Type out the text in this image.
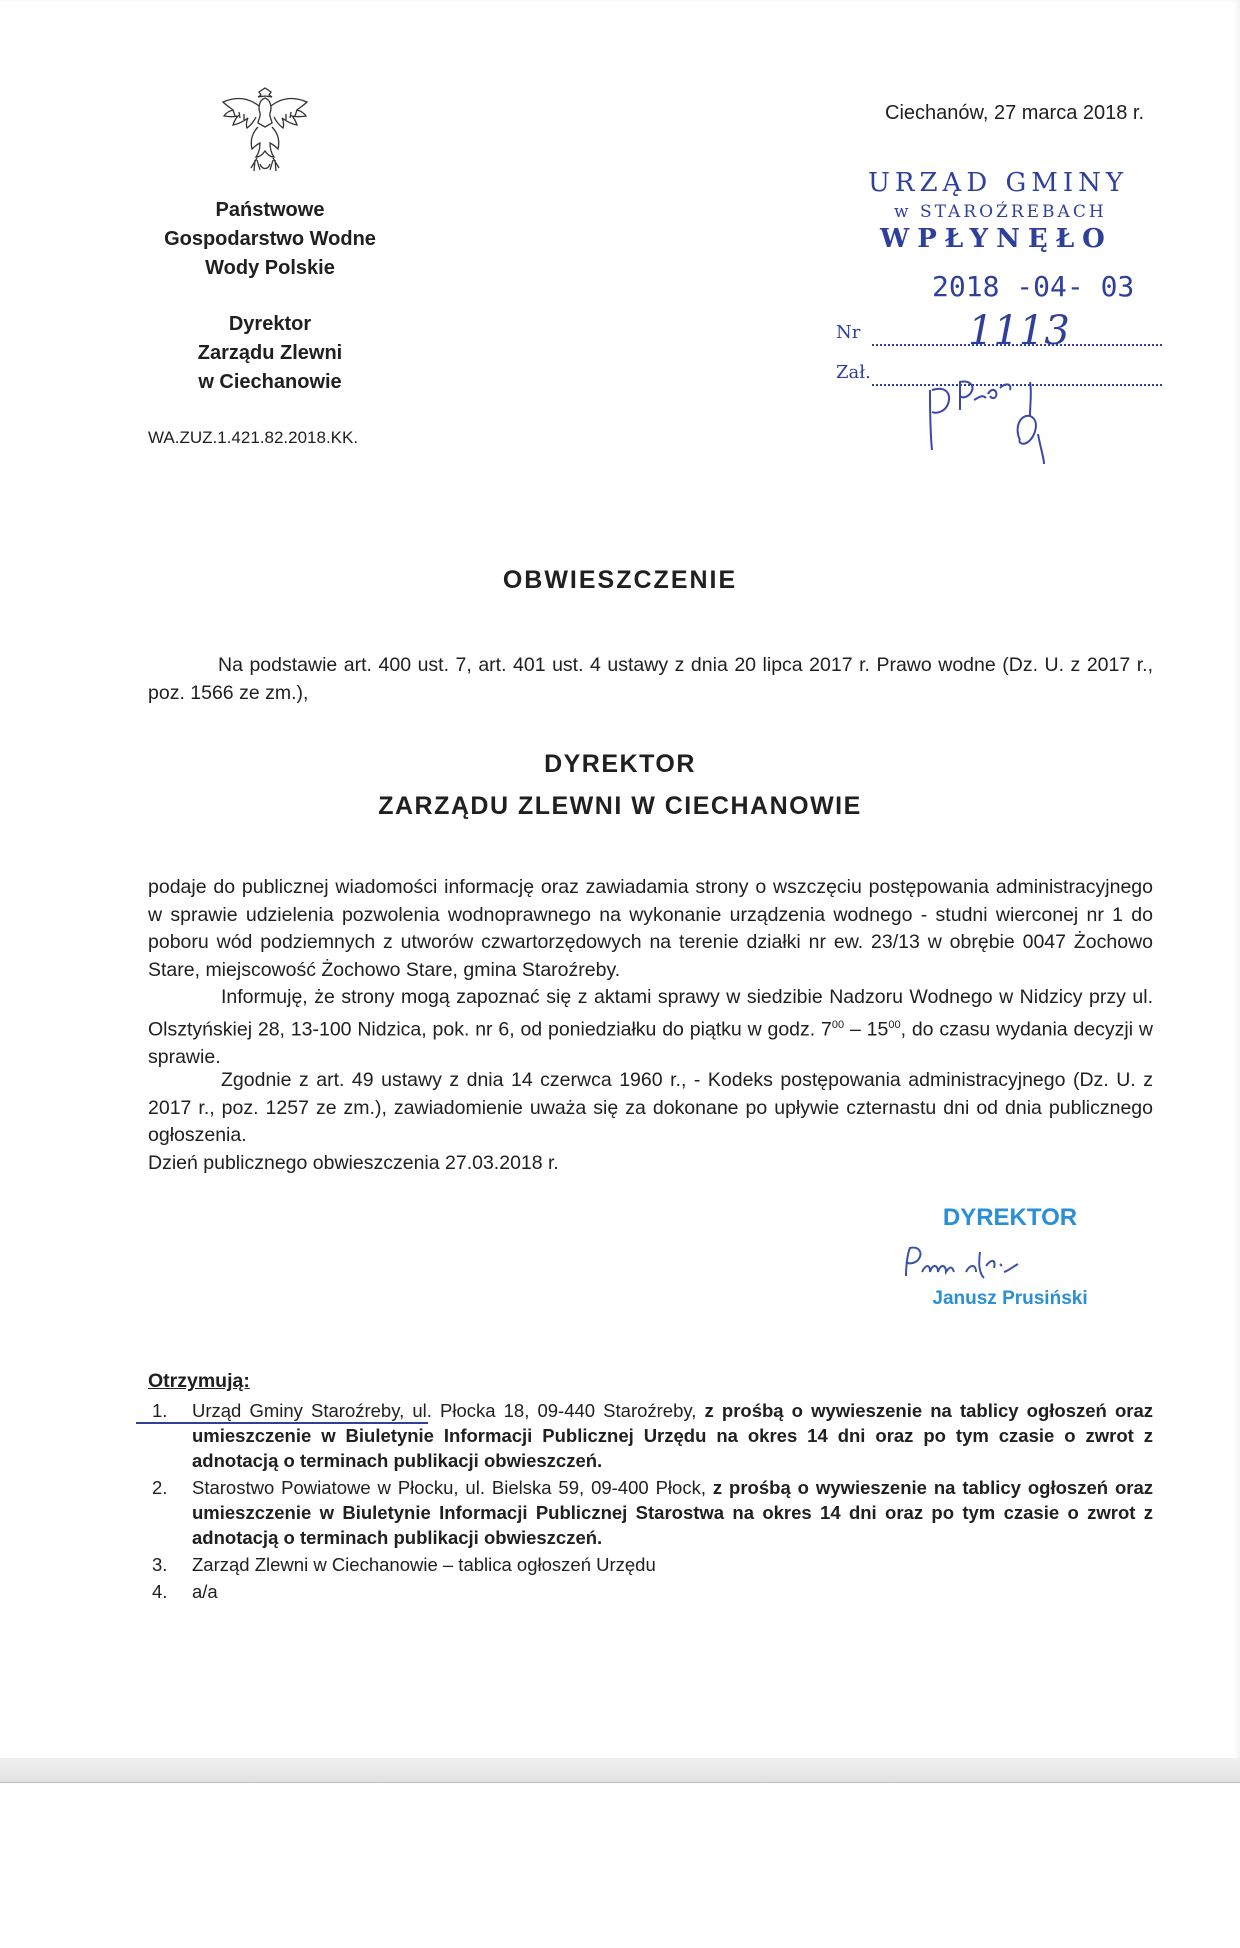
Państwowe
Gospodarstwo Wodne
Wody Polskie
Dyrektor
Zarządu Zlewni
w Ciechanowie
WA.ZUZ.1.421.82.2018.KK.
Ciechanów, 27 marca 2018 r.
URZĄD GMINY
w STAROŹREBACH
WPŁYNĘŁO
2018 -04- 03
Nr	1113
Zał.
OBWIESZCZENIE
Na podstawie art. 400 ust. 7, art. 401 ust. 4 ustawy z dnia 20 lipca 2017 r. Prawo wodne (Dz. U. z 2017 r., poz. 1566 ze zm.),
DYREKTOR
ZARZĄDU ZLEWNI W CIECHANOWIE
podaje do publicznej wiadomości informację oraz zawiadamia strony o wszczęciu postępowania administracyjnego w sprawie udzielenia pozwolenia wodnoprawnego na wykonanie urządzenia wodnego - studni wierconej nr 1 do poboru wód podziemnych z utworów czwartorzędowych na terenie działki nr ew. 23/13 w obrębie 0047 Żochowo Stare, miejscowość Żochowo Stare, gmina Staroźreby.
Informuję, że strony mogą zapoznać się z aktami sprawy w siedzibie Nadzoru Wodnego w Nidzicy przy ul. Olsztyńskiej 28, 13-100 Nidzica, pok. nr 6, od poniedziałku do piątku w godz. $7^{00} - 15^{00}$, do czasu wydania decyzji w sprawie.
Zgodnie z art. 49 ustawy z dnia 14 czerwca 1960 r., - Kodeks postępowania administracyjnego (Dz. U. z 2017 r., poz. 1257 ze zm.), zawiadomienie uważa się za dokonane po upływie czternastu dni od dnia publicznego ogłoszenia.
Dzień publicznego obwieszczenia 27.03.2018 r.
DYREKTOR
Janusz Prusiński
Otrzymują:
1. Urząd Gminy Staroźreby, ul. Płocka 18, 09-440 Staroźreby, z prośbą o wywieszenie na tablicy ogłoszeń oraz umieszczenie w Biuletynie Informacji Publicznej Urzędu na okres 14 dni oraz po tym czasie o zwrot z adnotacją o terminach publikacji obwieszczeń.
2. Starostwo Powiatowe w Płocku, ul. Bielska 59, 09-400 Płock, z prośbą o wywieszenie na tablicy ogłoszeń oraz umieszczenie w Biuletynie Informacji Publicznej Starostwa na okres 14 dni oraz po tym czasie o zwrot z adnotacją o terminach publikacji obwieszczeń.
3. Zarząd Zlewni w Ciechanowie – tablica ogłoszeń Urzędu
4. a/a
